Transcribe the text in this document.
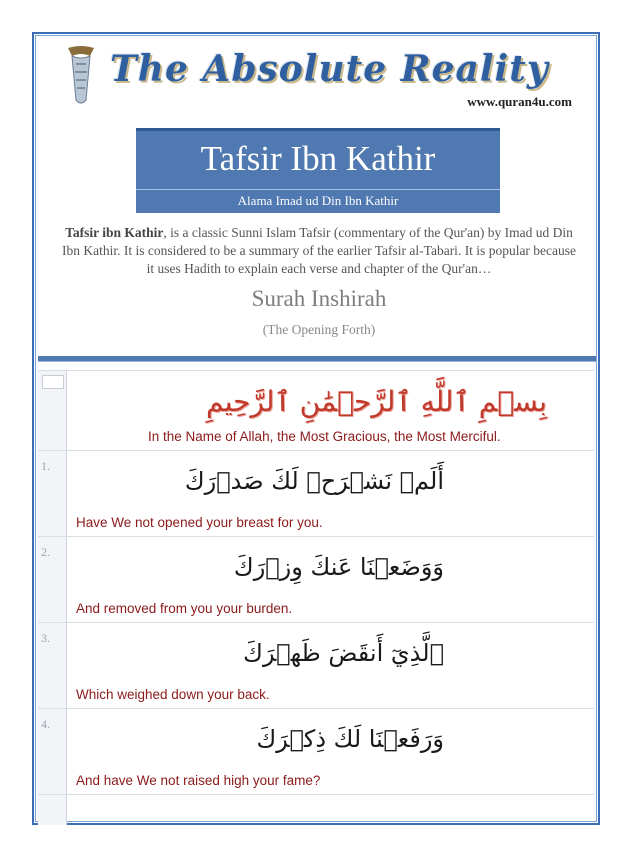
The Absolute Reality
www.quran4u.com
Tafsir Ibn Kathir
Alama Imad ud Din Ibn Kathir
Tafsir ibn Kathir, is a classic Sunni Islam Tafsir (commentary of the Qur'an) by Imad ud Din Ibn Kathir. It is considered to be a summary of the earlier Tafsir al-Tabari. It is popular because it uses Hadith to explain each verse and chapter of the Qur'an…
Surah Inshirah
(The Opening Forth)
بِسۡمِ ٱللَّهِ ٱلرَّحۡمَٰنِ ٱلرَّحِيمِ
In the Name of Allah, the Most Gracious, the Most Merciful.
1.
أَلَمۡ نَشۡرَحۡ لَكَ صَدۡرَكَ
Have We not opened your breast for you.
2.
وَوَضَعۡنَا عَنكَ وِزۡرَكَ
And removed from you your burden.
3.
ٱلَّذِيٓ أَنقَضَ ظَهۡرَكَ
Which weighed down your back.
4.
وَرَفَعۡنَا لَكَ ذِكۡرَكَ
And have We not raised high your fame?
